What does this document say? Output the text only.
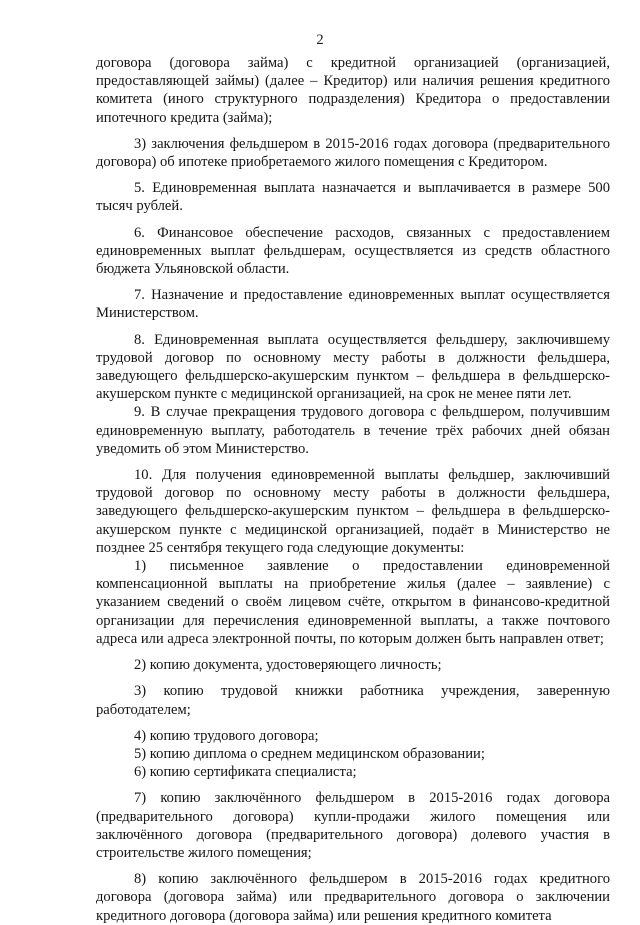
2

договора (договора займа) с кредитной организацией (организацией, предоставляющей займы) (далее – Кредитор) или наличия решения кредитного комитета (иного структурного подразделения) Кредитора о предоставлении ипотечного кредита (займа);

3) заключения фельдшером в 2015-2016 годах договора (предварительного договора) об ипотеке приобретаемого жилого помещения с Кредитором.

5. Единовременная выплата назначается и выплачивается в размере 500 тысяч рублей.

6. Финансовое обеспечение расходов, связанных с предоставлением единовременных выплат фельдшерам, осуществляется из средств областного бюджета Ульяновской области.

7. Назначение и предоставление единовременных выплат осуществляется Министерством.

8. Единовременная выплата осуществляется фельдшеру, заключившему трудовой договор по основному месту работы в должности фельдшера, заведующего фельдшерско-акушерским пунктом – фельдшера в фельдшерско-акушерском пункте с медицинской организацией, на срок не менее пяти лет.

9. В случае прекращения трудового договора с фельдшером, получившим единовременную выплату, работодатель в течение трёх рабочих дней обязан уведомить об этом Министерство.

10. Для получения единовременной выплаты фельдшер, заключивший трудовой договор по основному месту работы в должности фельдшера, заведующего фельдшерско-акушерским пунктом – фельдшера в фельдшерско-акушерском пункте с медицинской организацией, подаёт в Министерство не позднее 25 сентября текущего года следующие документы:

1) письменное заявление о предоставлении единовременной компенсационной выплаты на приобретение жилья (далее – заявление) с указанием сведений о своём лицевом счёте, открытом в финансово-кредитной организации для перечисления единовременной выплаты, а также почтового адреса или адреса электронной почты, по которым должен быть направлен ответ;

2) копию документа, удостоверяющего личность;

3) копию трудовой книжки работника учреждения, заверенную работодателем;

4) копию трудового договора;

5) копию диплома о среднем медицинском образовании;

6) копию сертификата специалиста;

7) копию заключённого фельдшером в 2015-2016 годах договора (предварительного договора) купли-продажи жилого помещения или заключённого договора (предварительного договора) долевого участия в строительстве жилого помещения;

8) копию заключённого фельдшером в 2015-2016 годах кредитного договора (договора займа) или предварительного договора о заключении кредитного договора (договора займа) или решения кредитного комитета
